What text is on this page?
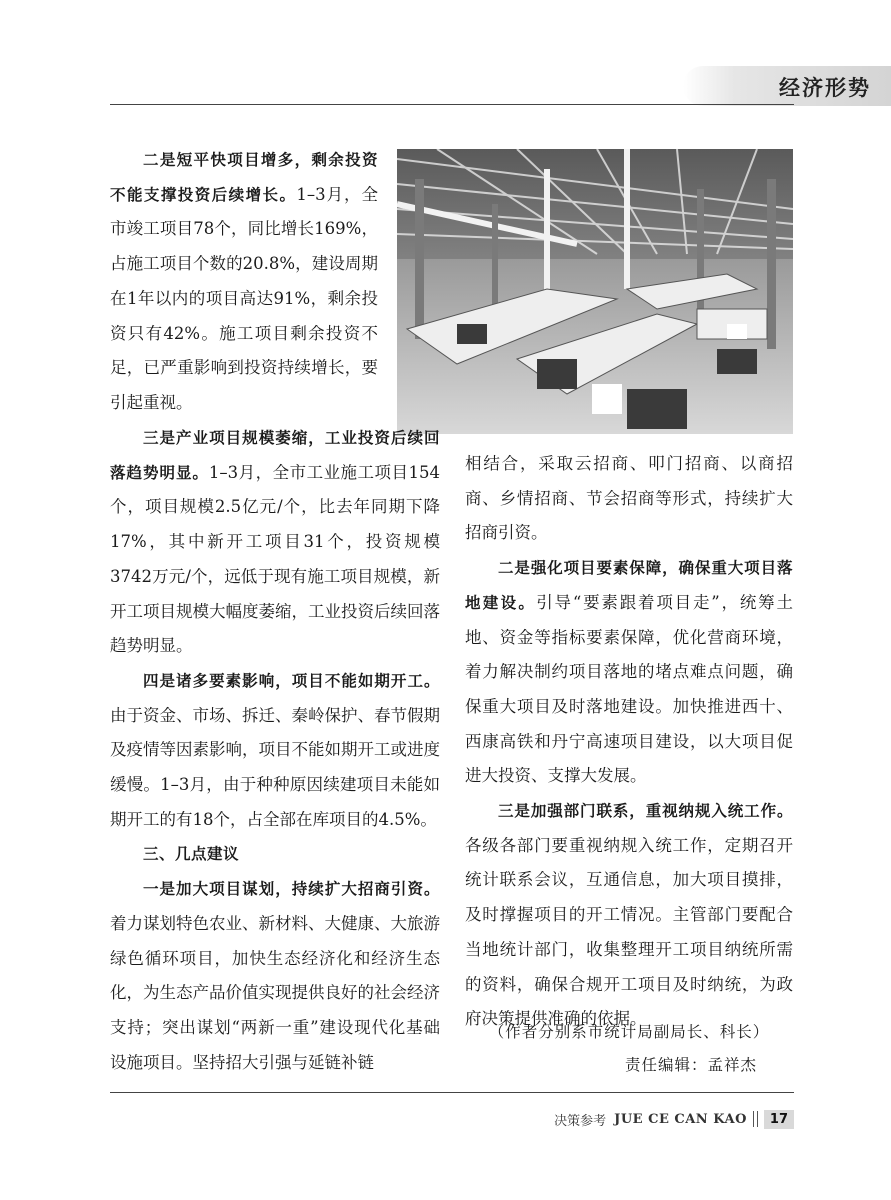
经济形势

二是短平快项目增多，剩余投资不能支撑投资后续增长。1–3月，全市竣工项目78个，同比增长169%，占施工项目个数的20.8%，建设周期在1年以内的项目高达91%，剩余投资只有42%。施工项目剩余投资不足，已严重影响到投资持续增长，要引起重视。

三是产业项目规模萎缩，工业投资后续回落趋势明显。1–3月，全市工业施工项目154个，项目规模2.5亿元/个，比去年同期下降17%，其中新开工项目31个，投资规模3742万元/个，远低于现有施工项目规模，新开工项目规模大幅度萎缩，工业投资后续回落趋势明显。

四是诸多要素影响，项目不能如期开工。由于资金、市场、拆迁、秦岭保护、春节假期及疫情等因素影响，项目不能如期开工或进度缓慢。1–3月，由于种种原因续建项目未能如期开工的有18个，占全部在库项目的4.5%。

三、几点建议

一是加大项目谋划，持续扩大招商引资。着力谋划特色农业、新材料、大健康、大旅游绿色循环项目，加快生态经济化和经济生态化，为生态产品价值实现提供良好的社会经济支持；突出谋划“两新一重”建设现代化基础设施项目。坚持招大引强与延链补链

相结合，采取云招商、叩门招商、以商招商、乡情招商、节会招商等形式，持续扩大招商引资。

二是强化项目要素保障，确保重大项目落地建设。引导“要素跟着项目走”，统筹土地、资金等指标要素保障，优化营商环境，着力解决制约项目落地的堵点难点问题，确保重大项目及时落地建设。加快推进西十、西康高铁和丹宁高速项目建设，以大项目促进大投资、支撑大发展。

三是加强部门联系，重视纳规入统工作。各级各部门要重视纳规入统工作，定期召开统计联系会议，互通信息，加大项目摸排，及时撑握项目的开工情况。主管部门要配合当地统计部门，收集整理开工项目纳统所需的资料，确保合规开工项目及时纳统，为政府决策提供准确的依据。

（作者分别系市统计局副局长、科长）
责任编辑：孟祥杰
决策参考 JUE CE CAN KAO	17
